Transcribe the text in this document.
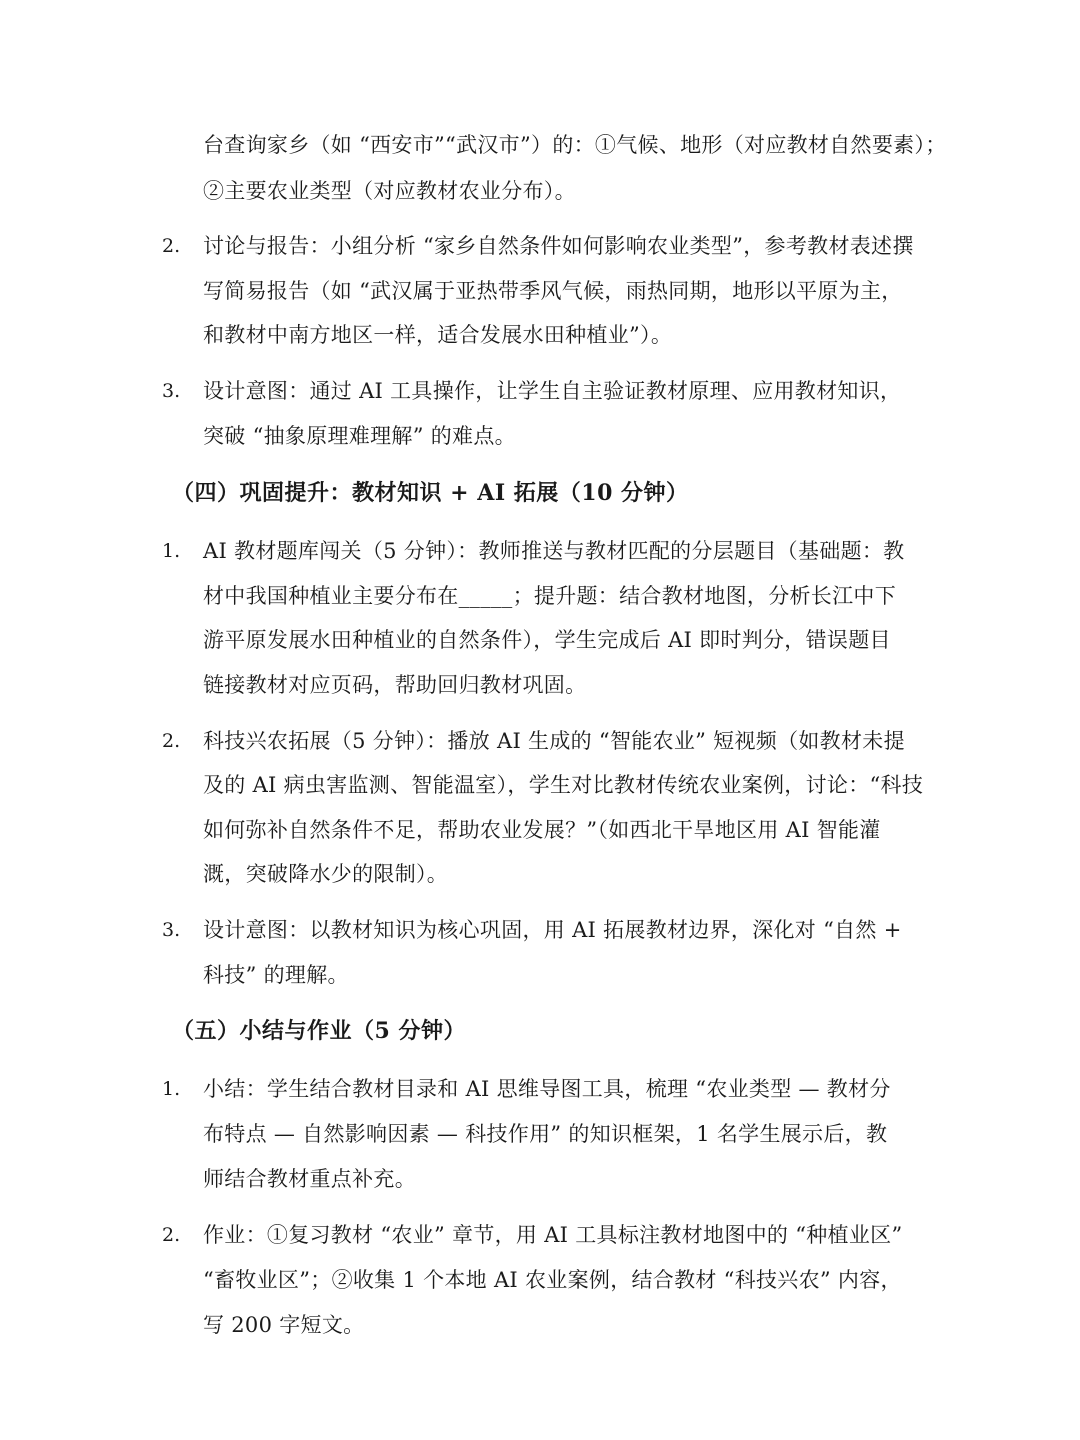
台查询家乡（如 “西安市”“武汉市”）的：①气候、地形（对应教材自然要素）；
②主要农业类型（对应教材农业分布）。
2. 讨论与报告：小组分析 “家乡自然条件如何影响农业类型”，参考教材表述撰
写简易报告（如 “武汉属于亚热带季风气候，雨热同期，地形以平原为主，
和教材中南方地区一样，适合发展水田种植业”）。
3. 设计意图：通过 AI 工具操作，让学生自主验证教材原理、应用教材知识，
突破 “抽象原理难理解” 的难点。
（四）巩固提升：教材知识 + AI 拓展（10 分钟）
1. AI 教材题库闯关（5 分钟）：教师推送与教材匹配的分层题目（基础题：教
材中我国种植业主要分布在_____；提升题：结合教材地图，分析长江中下
游平原发展水田种植业的自然条件），学生完成后 AI 即时判分，错误题目
链接教材对应页码，帮助回归教材巩固。
2. 科技兴农拓展（5 分钟）：播放 AI 生成的 “智能农业” 短视频（如教材未提
及的 AI 病虫害监测、智能温室），学生对比教材传统农业案例，讨论：“科技
如何弥补自然条件不足，帮助农业发展？”（如西北干旱地区用 AI 智能灌
溉，突破降水少的限制）。
3. 设计意图：以教材知识为核心巩固，用 AI 拓展教材边界，深化对 “自然 +
科技” 的理解。
（五）小结与作业（5 分钟）
1. 小结：学生结合教材目录和 AI 思维导图工具，梳理 “农业类型 — 教材分
布特点 — 自然影响因素 — 科技作用” 的知识框架，1 名学生展示后，教
师结合教材重点补充。
2. 作业：①复习教材 “农业” 章节，用 AI 工具标注教材地图中的 “种植业区”
“畜牧业区”；②收集 1 个本地 AI 农业案例，结合教材 “科技兴农” 内容，
写 200 字短文。
